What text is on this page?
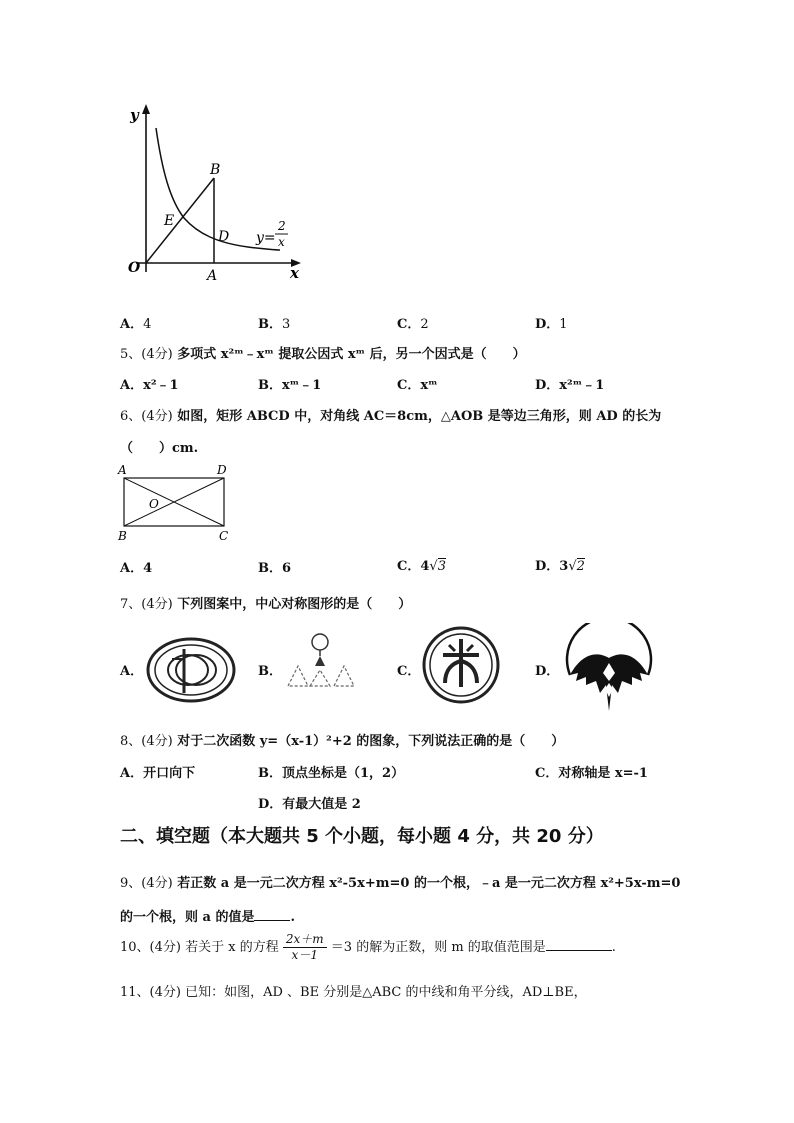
y
x
O	A
B
D
E
y=
2
x
A．4	B．3	C．2	D．1
5、(4分) 多项式 x²ᵐ﹣xᵐ 提取公因式 xᵐ 后，另一个因式是（　　）
A．x²﹣1	B．xᵐ﹣1	C．xᵐ	D．x²ᵐ﹣1
6、(4分) 如图，矩形 ABCD 中，对角线 AC＝8cm，△AOB 是等边三角形，则 AD 的长为
（　　）cm.
A	D
B	C
O
A．4	B．6	C．4√3	D．3√2
7、(4分) 下列图案中，中心对称图形的是（　　）
A．	B．	C．	D．
8、(4分) 对于二次函数 y=（x-1）²+2 的图象，下列说法正确的是（　　）
A．开口向下	B．顶点坐标是（1，2）	C．对称轴是 x=-1
D．有最大值是 2
二、填空题（本大题共 5 个小题，每小题 4 分，共 20 分）
9、(4分) 若正数 a 是一元二次方程 x²-5x+m=0 的一个根，﹣a 是一元二次方程 x²+5x-m=0
的一个根，则 a 的值是	.
10、(4分) 若关于 x 的方程 $\frac{2x+m}{x-1} =3$ 的解为正数，则 m 的取值范围是	.
11、(4分) 已知：如图，AD 、BE 分别是△ABC 的中线和角平分线，AD⊥BE，
